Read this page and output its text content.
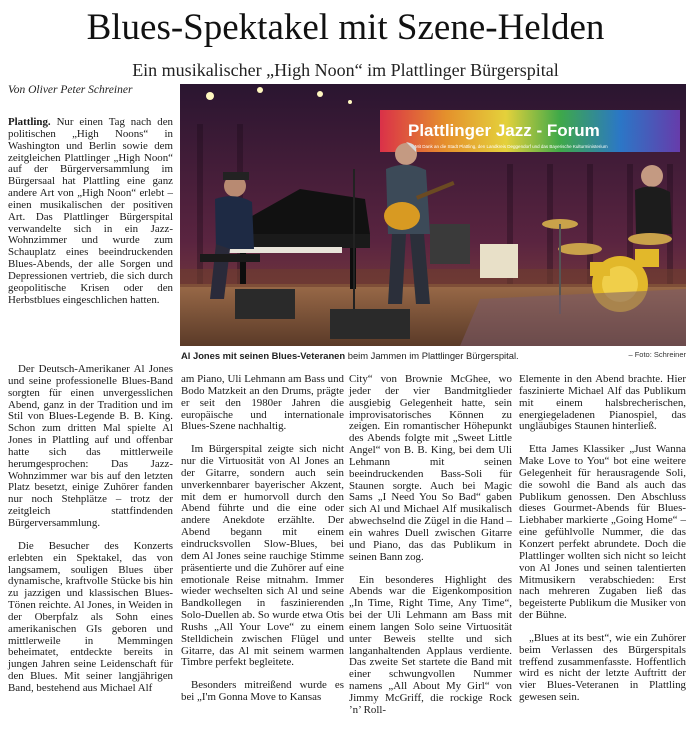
Blues-Spektakel mit Szene-Helden
Ein musikalischer „High Noon“ im Plattlinger Bürgerspital
Von Oliver Peter Schreiner

Plattling. Nur einen Tag nach den politischen „High Noons“ in Washington und Berlin sowie dem zeitgleichen Plattlinger „High Noon“ auf der Bürgerversammlung im Bürgersaal hat Plattling eine ganz andere Art von „High Noon“ erlebt – einen musikalischen der positiven Art. Das Plattlinger Bürgerspital verwandelte sich in ein Jazz-Wohnzimmer und wurde zum Schauplatz eines beeindruckenden Blues-Abends, der alle Sorgen und Depressionen vertrieb, die sich durch geopolitische Krisen oder den Herbstblues eingeschlichen hatten.

Der Deutsch-Amerikaner Al Jones und seine professionelle Blues-Band sorgten für einen unvergesslichen Abend, ganz in der Tradition und im Stil von Blues-Legende B. B. King. Schon zum dritten Mal spielte Al Jones in Plattling auf und offenbar hatte sich das mittlerweile herumgesprochen: Das Jazz-Wohnzimmer war bis auf den letzten Platz besetzt, einige Zuhörer fanden nur noch Stehplätze – trotz der zeitgleich stattfindenden Bürgerversammlung.

Die Besucher des Konzerts erlebten ein Spektakel, das von langsamem, souligen Blues über dynamische, kraftvolle Stücke bis hin zu jazzigen und klassischen Blues-Tönen reichte. Al Jones, in Weiden in der Oberpfalz als Sohn eines amerikanischen GIs geboren und mittlerweile in Memmingen beheimatet, entdeckte bereits in jungen Jahren seine Leidenschaft für den Blues. Mit seiner langjährigen Band, bestehend aus Michael Alf

am Piano, Uli Lehmann am Bass und Bodo Matzkeit an den Drums, prägte er seit den 1980er Jahren die europäische und internationale Blues-Szene nachhaltig.

Im Bürgerspital zeigte sich nicht nur die Virtuosität von Al Jones an der Gitarre, sondern auch sein unverkennbarer bayerischer Akzent, mit dem er humorvoll durch den Abend führte und die eine oder andere Anekdote erzählte. Der Abend begann mit einem eindrucksvollen Slow-Blues, bei dem Al Jones seine rauchige Stimme präsentierte und die Zuhörer auf eine emotionale Reise mitnahm. Immer wieder wechselten sich Al und seine Bandkollegen in faszinierenden Solo-Duellen ab. So wurde etwa Otis Rushs „All Your Love“ zu einem Stelldichein zwischen Flügel und Gitarre, das Al mit seinem warmen Timbre perfekt begleitete.

Besonders mitreißend wurde es bei „I'm Gonna Move to Kansas

City“ von Brownie McGhee, wo jeder der vier Bandmitglieder ausgiebig Gelegenheit hatte, sein improvisatorisches Können zu zeigen. Ein romantischer Höhepunkt des Abends folgte mit „Sweet Little Angel“ von B. B. King, bei dem Uli Lehmann mit seinen beeindruckenden Bass-Soli für Staunen sorgte. Auch bei Magic Sams „I Need You So Bad“ gaben sich Al und Michael Alf musikalisch abwechselnd die Zügel in die Hand – ein wahres Duell zwischen Gitarre und Piano, das das Publikum in seinen Bann zog.

Ein besonderes Highlight des Abends war die Eigenkomposition „In Time, Right Time, Any Time“, bei der Uli Lehmann am Bass mit einem langen Solo seine Virtuosität unter Beweis stellte und sich langanhaltenden Applaus verdiente. Das zweite Set startete die Band mit einer schwungvollen Nummer namens „All About My Girl“ von Jimmy McGriff, die rockige Rock ’n’ Roll-

Elemente in den Abend brachte. Hier faszinierte Michael Alf das Publikum mit einem halsbrecherischen, energiegeladenen Pianospiel, das ungläubiges Staunen hinterließ.

Etta James Klassiker „Just Wanna Make Love to You“ bot eine weitere Gelegenheit für herausragende Soli, die sowohl die Band als auch das Publikum genossen. Den Abschluss dieses Gourmet-Abends für Blues-Liebhaber markierte „Going Home“ – eine gefühlvolle Nummer, die das Konzert perfekt abrundete. Doch die Plattlinger wollten sich nicht so leicht von Al Jones und seinen talentierten Mitmusikern verabschieden: Erst nach mehreren Zugaben ließ das begeisterte Publikum die Musiker von der Bühne.

„Blues at its best“, wie ein Zuhörer beim Verlassen des Bürgerspitals treffend zusammenfasste. Hoffentlich wird es nicht der letzte Auftritt der vier Blues-Veteranen in Plattling gewesen sein.

Plattlinger Jazz - Forum
Mit Dank an die Stadt Plattling, den Landkreis Deggendorf und das Bayerische Kulturministerium
Al Jones mit seinen Blues-Veteranen beim Jammen im Plattlinger Bürgerspital.	– Foto: Schreiner
